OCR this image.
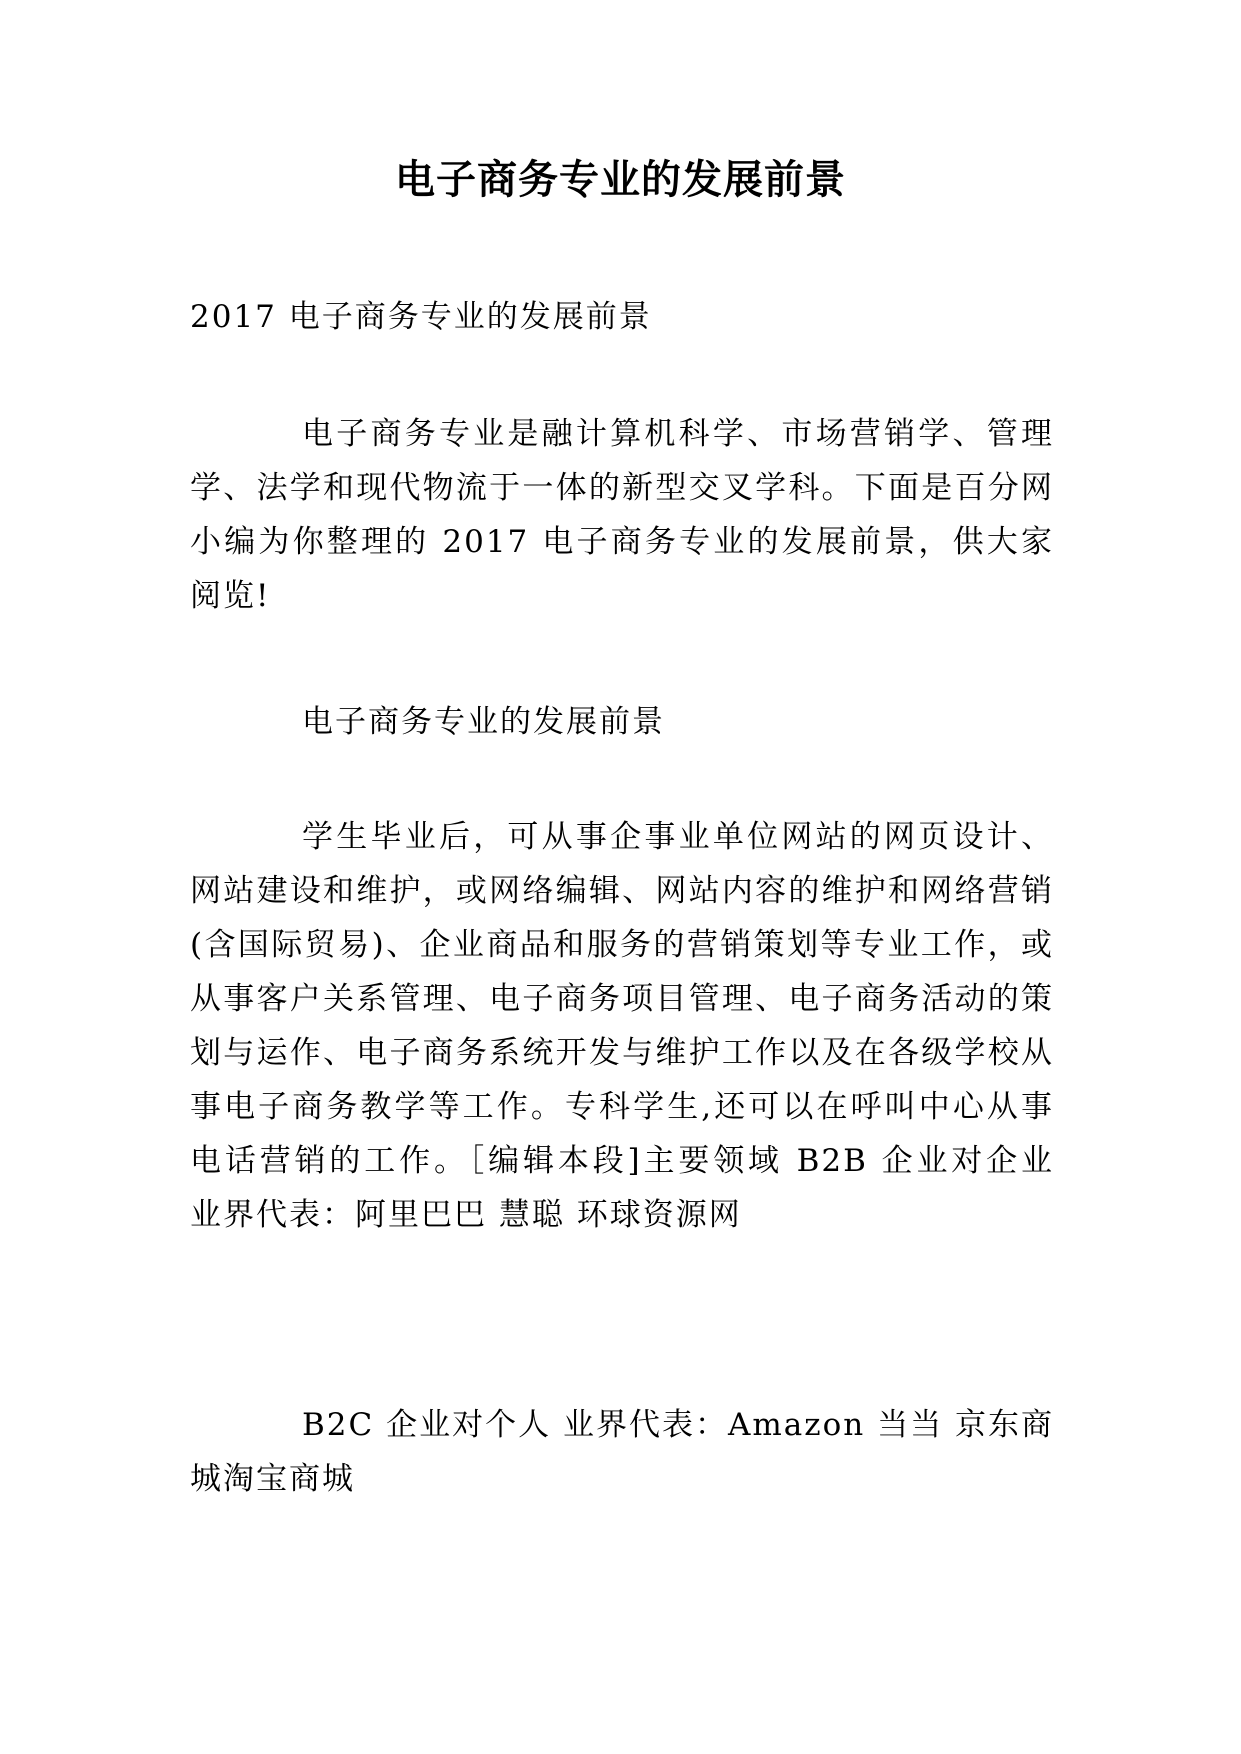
电子商务专业的发展前景

2017 电子商务专业的发展前景

电子商务专业是融计算机科学、市场营销学、管理学、法学和现代物流于一体的新型交叉学科。下面是百分网小编为你整理的 2017 电子商务专业的发展前景，供大家阅览!

电子商务专业的发展前景

学生毕业后，可从事企事业单位网站的网页设计、网站建设和维护，或网络编辑、网站内容的维护和网络营销(含国际贸易)、企业商品和服务的营销策划等专业工作，或从事客户关系管理、电子商务项目管理、电子商务活动的策划与运作、电子商务系统开发与维护工作以及在各级学校从事电子商务教学等工作。专科学生,还可以在呼叫中心从事电话营销的工作。［编辑本段]主要领域 B2B 企业对企业 业界代表：阿里巴巴 慧聪 环球资源网

B2C 企业对个人 业界代表：Amazon 当当 京东商城淘宝商城
